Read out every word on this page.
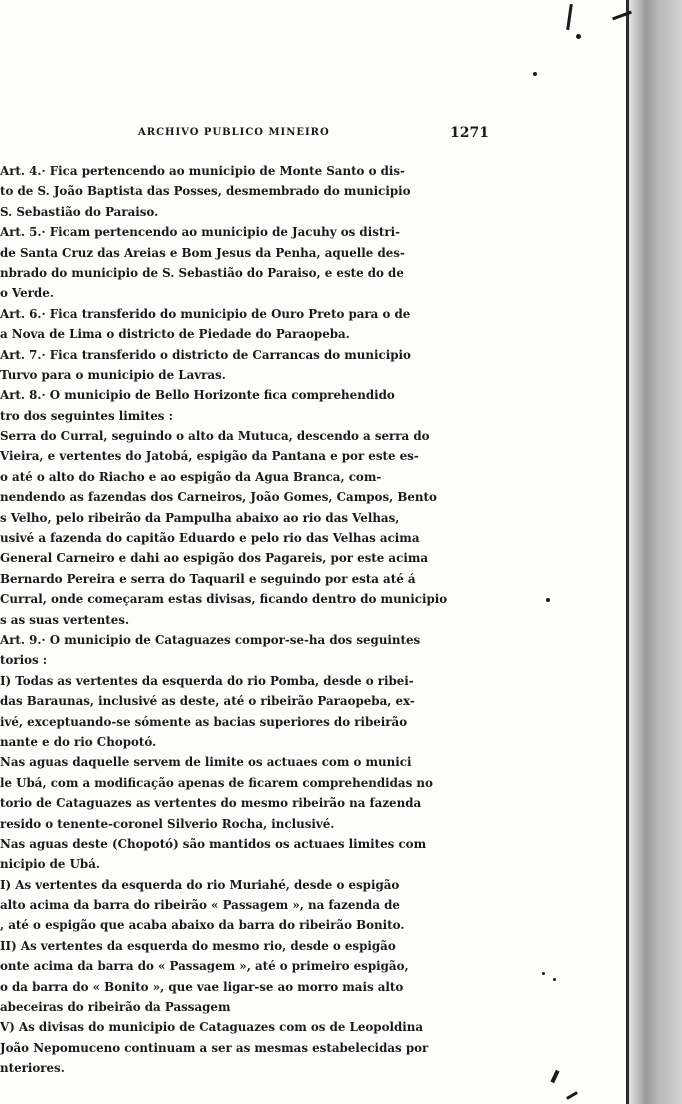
ARCHIVO PUBLICO MINEIRO	1271
Art. 4.· Fica pertencendo ao municipio de Monte Santo o dis-
to de S. João Baptista das Posses, desmembrado do municipio
S. Sebastião do Paraiso.
Art. 5.· Ficam pertencendo ao municipio de Jacuhy os distri-
de Santa Cruz das Areias e Bom Jesus da Penha, aquelle des-
nbrado do municipio de S. Sebastião do Paraiso, e este do de
o Verde.
Art. 6.· Fica transferido do municipio de Ouro Preto para o de
a Nova de Lima o districto de Piedade do Paraopeba.
Art. 7.· Fica transferido o districto de Carrancas do municipio
Turvo para o municipio de Lavras.
Art. 8.· O municipio de Bello Horizonte fica comprehendido
tro dos seguintes limites :
Serra do Curral, seguindo o alto da Mutuca, descendo a serra do
Vieira, e vertentes do Jatobá, espigão da Pantana e por este es-
o até o alto do Riacho e ao espigão da Agua Branca, com-
nendendo as fazendas dos Carneiros, João Gomes, Campos, Bento
s Velho, pelo ribeirão da Pampulha abaixo ao rio das Velhas,
usivé a fazenda do capitão Eduardo e pelo rio das Velhas acima
General Carneiro e dahi ao espigão dos Pagareis, por este acima
Bernardo Pereira e serra do Taquaril e seguindo por esta até á
Curral, onde começaram estas divisas, ficando dentro do municipio
s as suas vertentes.
Art. 9.· O municipio de Cataguazes compor-se-ha dos seguintes
torios :
I) Todas as vertentes da esquerda do rio Pomba, desde o ribei-
das Baraunas, inclusivé as deste, até o ribeirão Paraopeba, ex-
ivé, exceptuando-se sómente as bacias superiores do ribeirão
nante e do rio Chopotó.
Nas aguas daquelle servem de limite os actuaes com o munici
le Ubá, com a modificação apenas de ficarem comprehendidas no
torio de Cataguazes as vertentes do mesmo ribeirão na fazenda
resido o tenente-coronel Silverio Rocha, inclusivé.
Nas aguas deste (Chopotó) são mantidos os actuaes limites com
nicipio de Ubá.
I) As vertentes da esquerda do rio Muriahé, desde o espigão
alto acima da barra do ribeirão « Passagem », na fazenda de
, até o espigão que acaba abaixo da barra do ribeirão Bonito.
II) As vertentes da esquerda do mesmo rio, desde o espigão
onte acima da barra do « Passagem », até o primeiro espigão,
o da barra do « Bonito », que vae ligar-se ao morro mais alto
abeceiras do ribeirão da Passagem
V) As divisas do municipio de Cataguazes com os de Leopoldina
João Nepomuceno continuam a ser as mesmas estabelecidas por
nteriores.
